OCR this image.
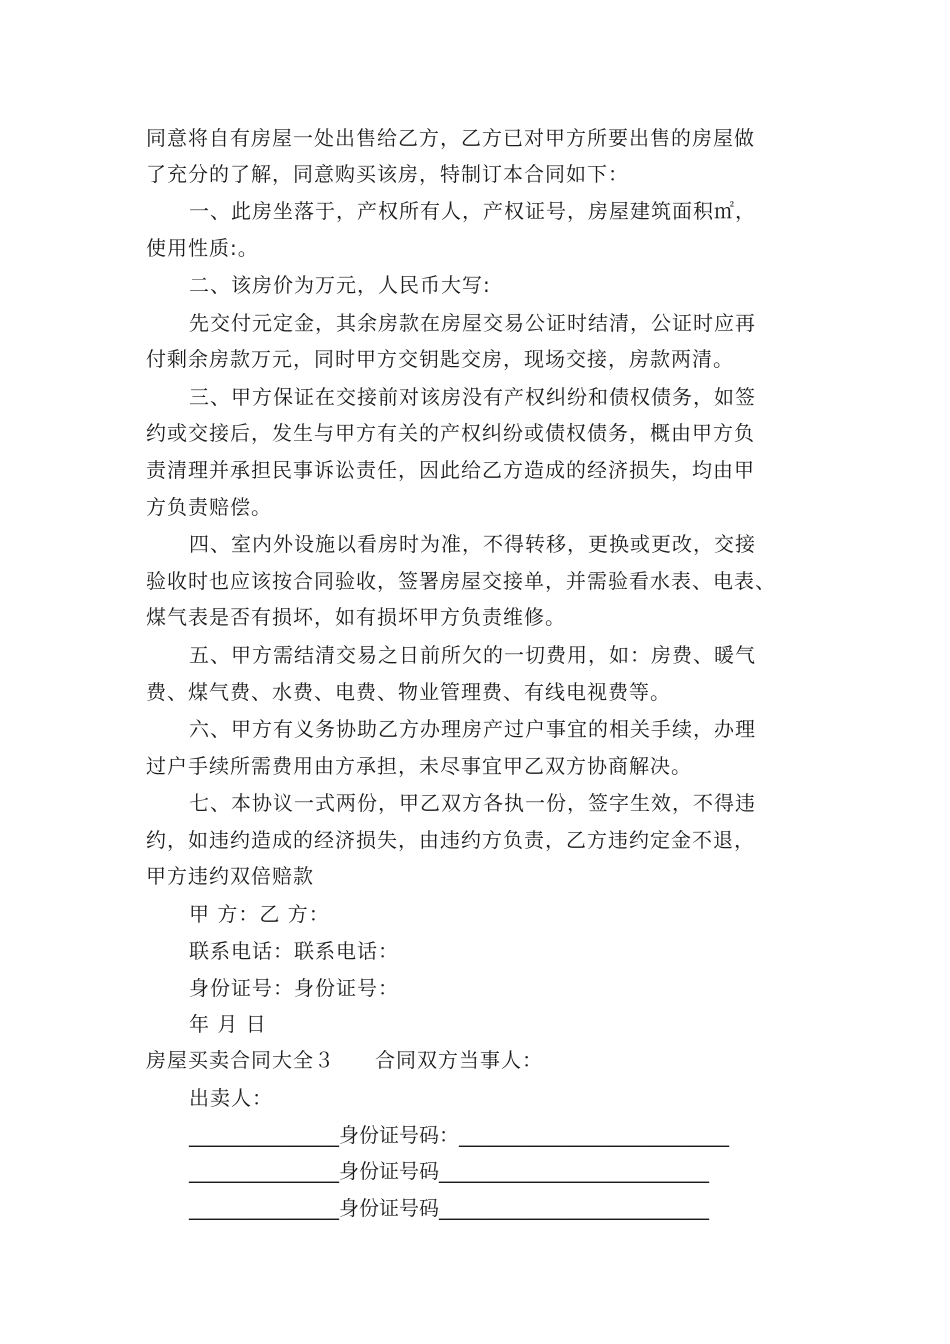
同意将自有房屋一处出售给乙方，乙方已对甲方所要出售的房屋做
了充分的了解，同意购买该房，特制订本合同如下：
一、此房坐落于，产权所有人，产权证号，房屋建筑面积㎡，
使用性质:。
二、该房价为万元，人民币大写:
先交付元定金，其余房款在房屋交易公证时结清，公证时应再
付剩余房款万元，同时甲方交钥匙交房，现场交接，房款两清。
三、甲方保证在交接前对该房没有产权纠纷和债权债务，如签
约或交接后，发生与甲方有关的产权纠纷或债权债务，概由甲方负
责清理并承担民事诉讼责任，因此给乙方造成的经济损失，均由甲
方负责赔偿。
四、室内外设施以看房时为准，不得转移，更换或更改，交接
验收时也应该按合同验收，签署房屋交接单，并需验看水表、电表、
煤气表是否有损坏，如有损坏甲方负责维修。
五、甲方需结清交易之日前所欠的一切费用，如：房费、暖气
费、煤气费、水费、电费、物业管理费、有线电视费等。
六、甲方有义务协助乙方办理房产过户事宜的相关手续，办理
过户手续所需费用由方承担，未尽事宜甲乙双方协商解决。
七、本协议一式两份，甲乙双方各执一份，签字生效，不得违
约，如违约造成的经济损失，由违约方负责，乙方违约定金不退，
甲方违约双倍赔款
甲 方：乙 方：
联系电话：联系电话：
身份证号：身份证号：
年 月 日
房屋买卖合同大全３ 合同双方当事人：
出卖人：
_______________身份证号码：___________________________
_______________身份证号码___________________________
_______________身份证号码___________________________
